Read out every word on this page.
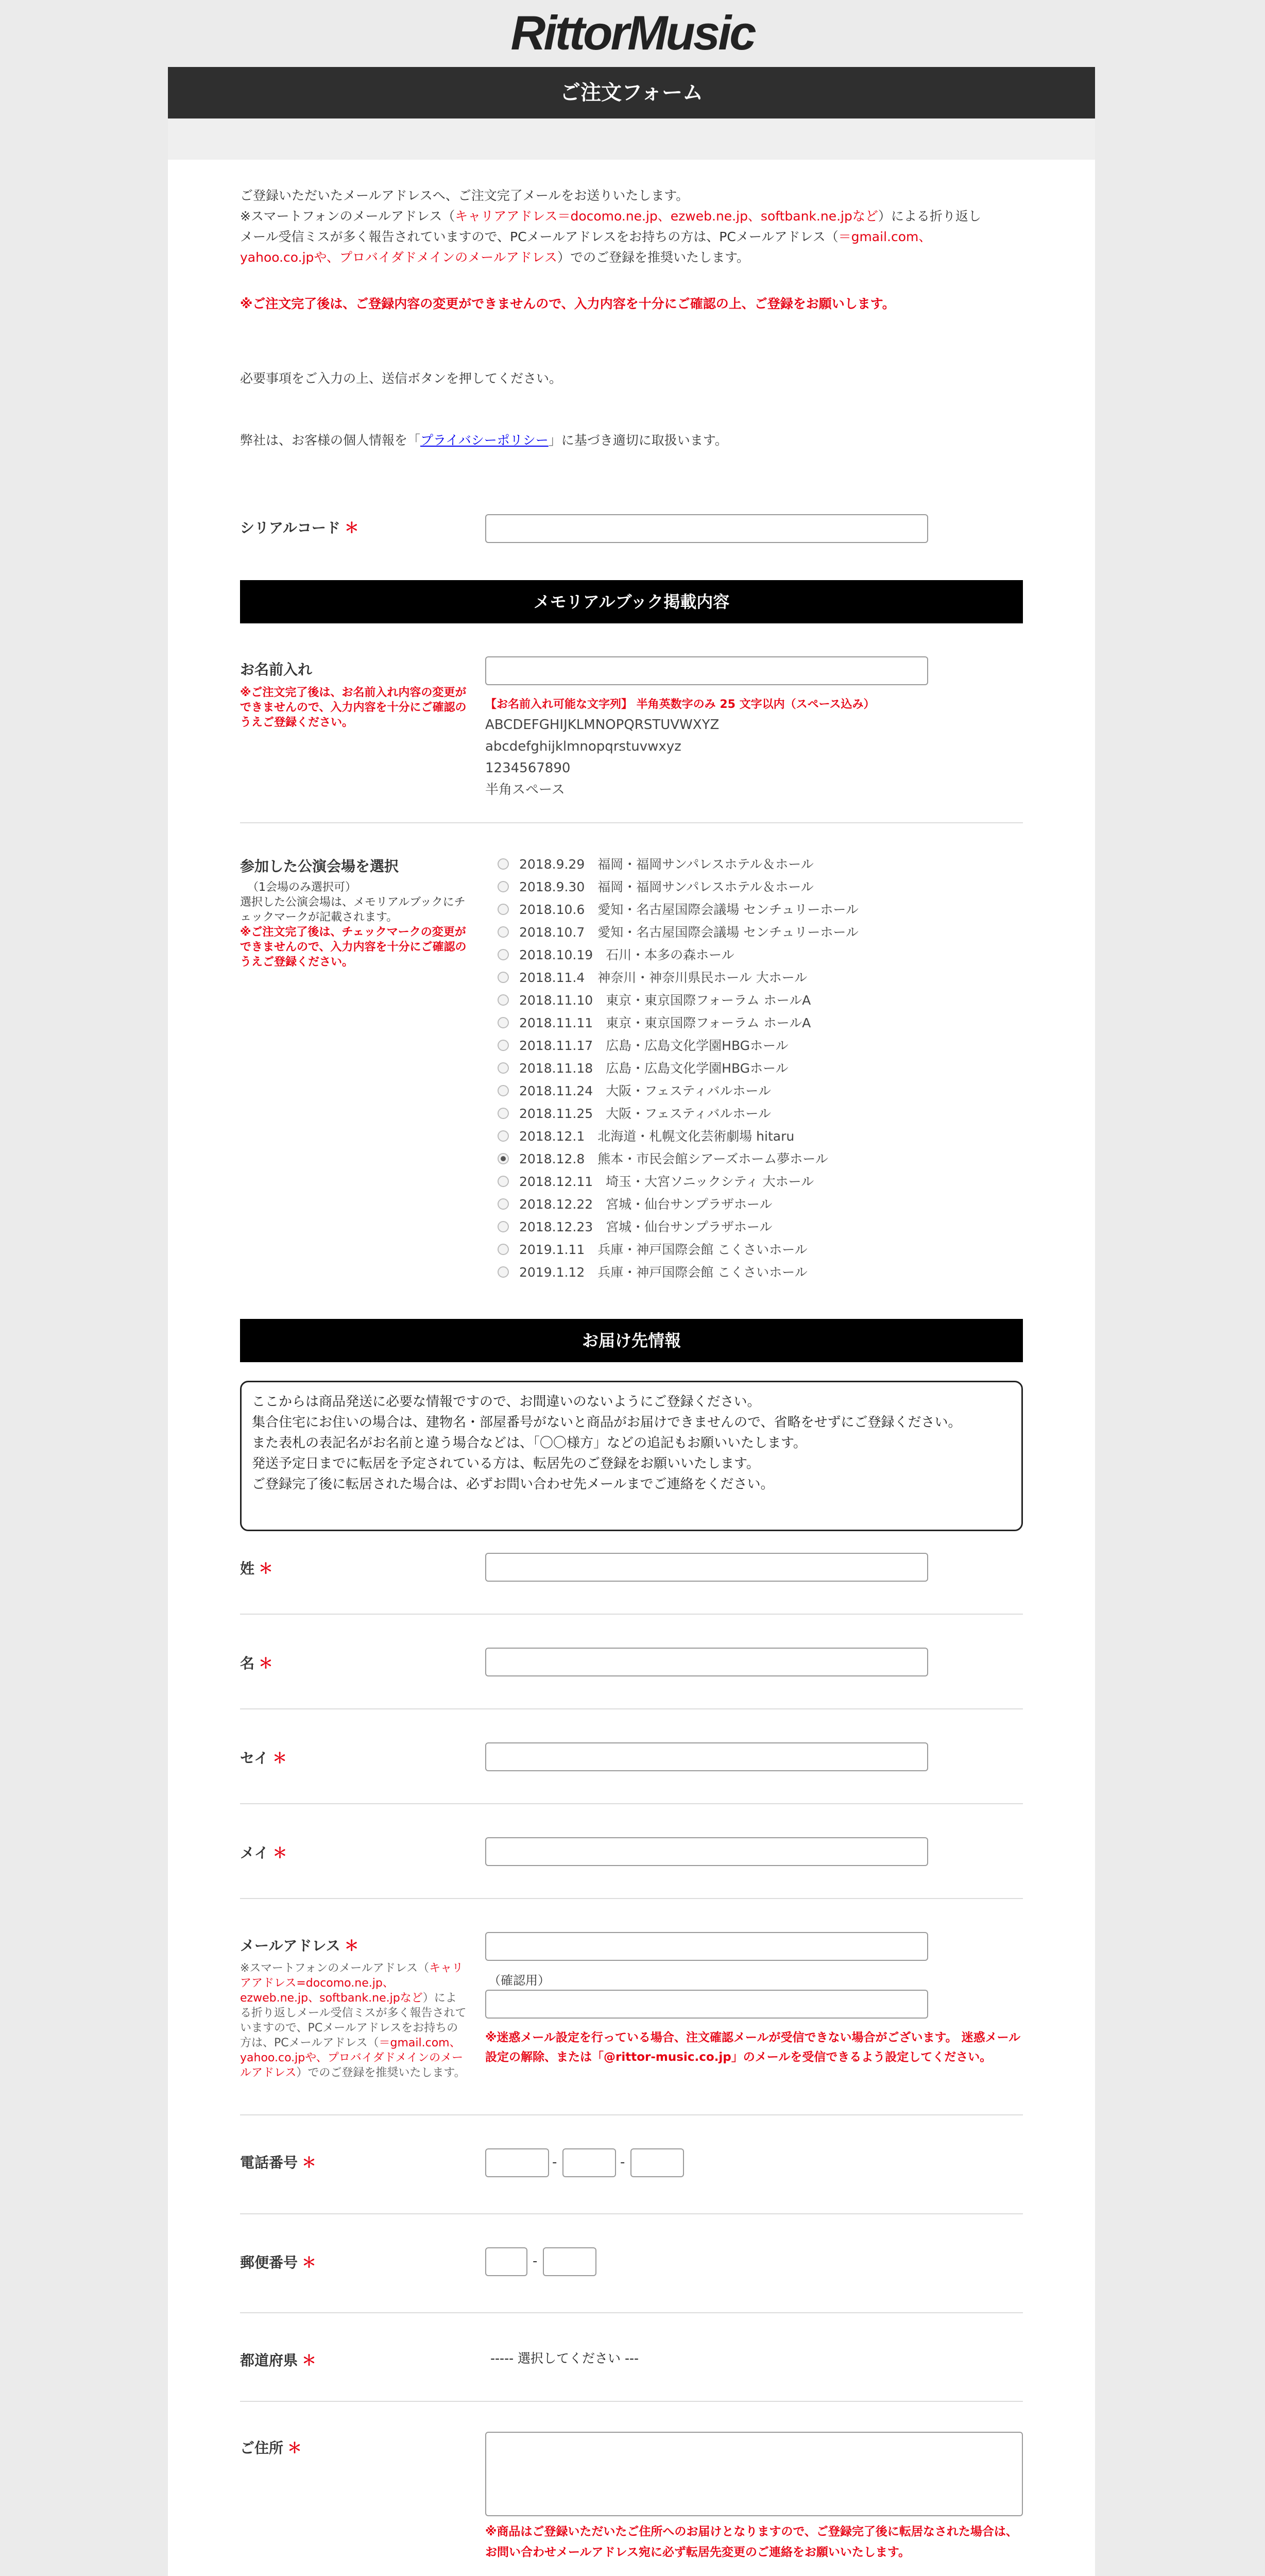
RittorMusic
ご注文フォーム
ご登録いただいたメールアドレスへ、ご注文完了メールをお送りいたします。
※スマートフォンのメールアドレス（キャリアアドレス＝docomo.ne.jp、ezweb.ne.jp、softbank.ne.jpなど）による折り返し
メール受信ミスが多く報告されていますので、PCメールアドレスをお持ちの方は、PCメールアドレス（＝gmail.com、
yahoo.co.jpや、プロバイダドメインのメールアドレス）でのご登録を推奨いたします。
※ご注文完了後は、ご登録内容の変更ができませんので、入力内容を十分にご確認の上、ご登録をお願いします。
必要事項をご入力の上、送信ボタンを押してください。
弊社は、お客様の個人情報を「プライバシーポリシー」に基づき適切に取扱います。
シリアルコード ＊
メモリアルブック掲載内容
お名前入れ
※ご注文完了後は、お名前入れ内容の変更ができませんので、入力内容を十分にご確認のうえご登録ください。
【お名前入れ可能な文字列】 半角英数字のみ 25 文字以内（スペース込み）
ABCDEFGHIJKLMNOPQRSTUVWXYZ
abcdefghijklmnopqrstuvwxyz
1234567890
半角スペース
参加した公演会場を選択
（1会場のみ選択可）
選択した公演会場は、メモリアルブックにチェックマークが記載されます。
※ご注文完了後は、チェックマークの変更ができませんので、入力内容を十分にご確認のうえご登録ください。
2018.9.29　福岡・福岡サンパレスホテル＆ホール
2018.9.30　福岡・福岡サンパレスホテル＆ホール
2018.10.6　愛知・名古屋国際会議場 センチュリーホール
2018.10.7　愛知・名古屋国際会議場 センチュリーホール
2018.10.19　石川・本多の森ホール
2018.11.4　神奈川・神奈川県民ホール 大ホール
2018.11.10　東京・東京国際フォーラム ホールA
2018.11.11　東京・東京国際フォーラム ホールA
2018.11.17　広島・広島文化学園HBGホール
2018.11.18　広島・広島文化学園HBGホール
2018.11.24　大阪・フェスティバルホール
2018.11.25　大阪・フェスティバルホール
2018.12.1　北海道・札幌文化芸術劇場 hitaru
2018.12.8　熊本・市民会館シアーズホーム夢ホール
2018.12.11　埼玉・大宮ソニックシティ 大ホール
2018.12.22　宮城・仙台サンプラザホール
2018.12.23　宮城・仙台サンプラザホール
2019.1.11　兵庫・神戸国際会館 こくさいホール
2019.1.12　兵庫・神戸国際会館 こくさいホール
お届け先情報
ここからは商品発送に必要な情報ですので、お間違いのないようにご登録ください。
集合住宅にお住いの場合は、建物名・部屋番号がないと商品がお届けできませんので、省略をせずにご登録ください。
また表札の表記名がお名前と違う場合などは、「〇〇様方」などの追記もお願いいたします。
発送予定日までに転居を予定されている方は、転居先のご登録をお願いいたします。
ご登録完了後に転居された場合は、必ずお問い合わせ先メールまでご連絡をください。
姓 ＊
名 ＊
セイ ＊
メイ ＊
メールアドレス ＊
※スマートフォンのメールアドレス（キャリアアドレス=docomo.ne.jp、ezweb.ne.jp、softbank.ne.jpなど）による折り返しメール受信ミスが多く報告されていますので、PCメールアドレスをお持ちの方は、PCメールアドレス（＝gmail.com、yahoo.co.jpや、プロバイダドメインのメールアドレス）でのご登録を推奨いたします。
（確認用）
※迷惑メール設定を行っている場合、注文確認メールが受信できない場合がございます。 迷惑メール設定の解除、または「@rittor-music.co.jp」のメールを受信できるよう設定してください。
電話番号 ＊	-	-
郵便番号 ＊	-
都道府県 ＊	----- 選択してください ---
ご住所 ＊
※商品はご登録いただいたご住所へのお届けとなりますので、ご登録完了後に転居なされた場合は、お問い合わせメールアドレス宛に必ず転居先変更のご連絡をお願いいたします。
